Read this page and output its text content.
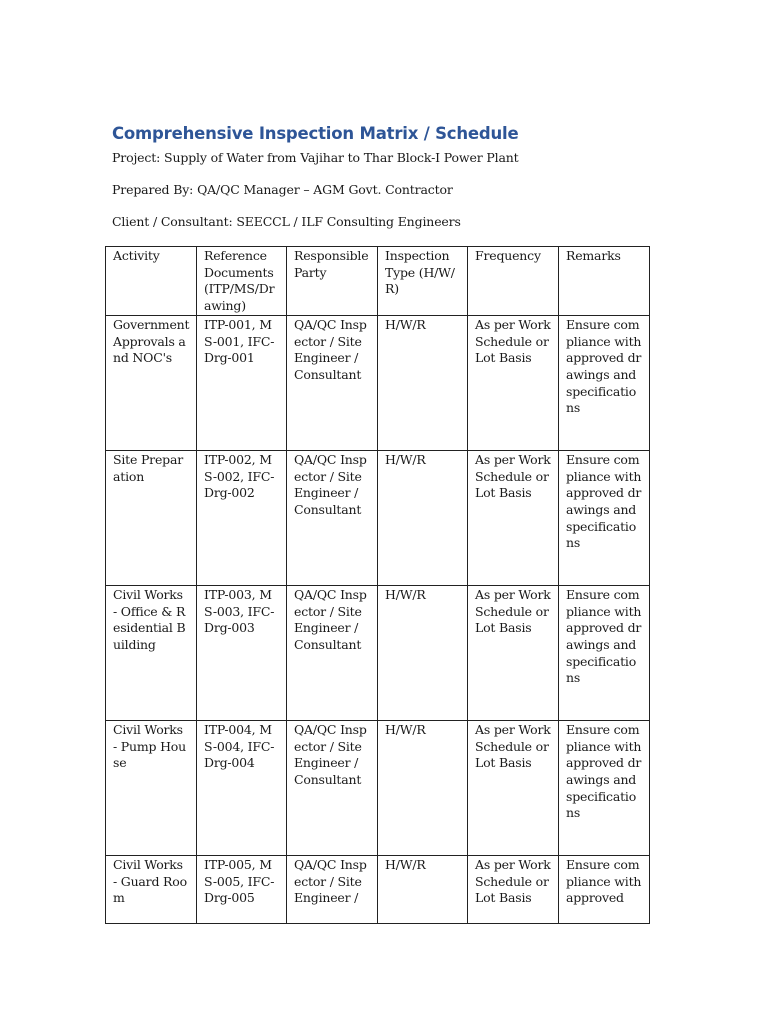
Comprehensive Inspection Matrix / Schedule
Project: Supply of Water from Vajihar to Thar Block-I Power Plant
Prepared By: QA/QC Manager – AGM Govt. Contractor
Client / Consultant: SEECCL / ILF Consulting Engineers
Activity	Reference Documents (ITP/MS/Drawing)	Responsible Party	Inspection Type (H/W/R)	Frequency	Remarks
Government Approvals and NOC's	ITP-001, MS-001, IFC-Drg-001	QA/QC Inspector / Site Engineer / Consultant	H/W/R	As per Work Schedule or Lot Basis	Ensure compliance with approved drawings and specifications
Site Preparation	ITP-002, MS-002, IFC-Drg-002	QA/QC Inspector / Site Engineer / Consultant	H/W/R	As per Work Schedule or Lot Basis	Ensure compliance with approved drawings and specifications
Civil Works - Office & Residential Building	ITP-003, MS-003, IFC-Drg-003	QA/QC Inspector / Site Engineer / Consultant	H/W/R	As per Work Schedule or Lot Basis	Ensure compliance with approved drawings and specifications
Civil Works - Pump House	ITP-004, MS-004, IFC-Drg-004	QA/QC Inspector / Site Engineer / Consultant	H/W/R	As per Work Schedule or Lot Basis	Ensure compliance with approved drawings and specifications
Civil Works - Guard Room	ITP-005, MS-005, IFC-Drg-005	QA/QC Inspector / Site Engineer /	H/W/R	As per Work Schedule or Lot Basis	Ensure compliance with approved
